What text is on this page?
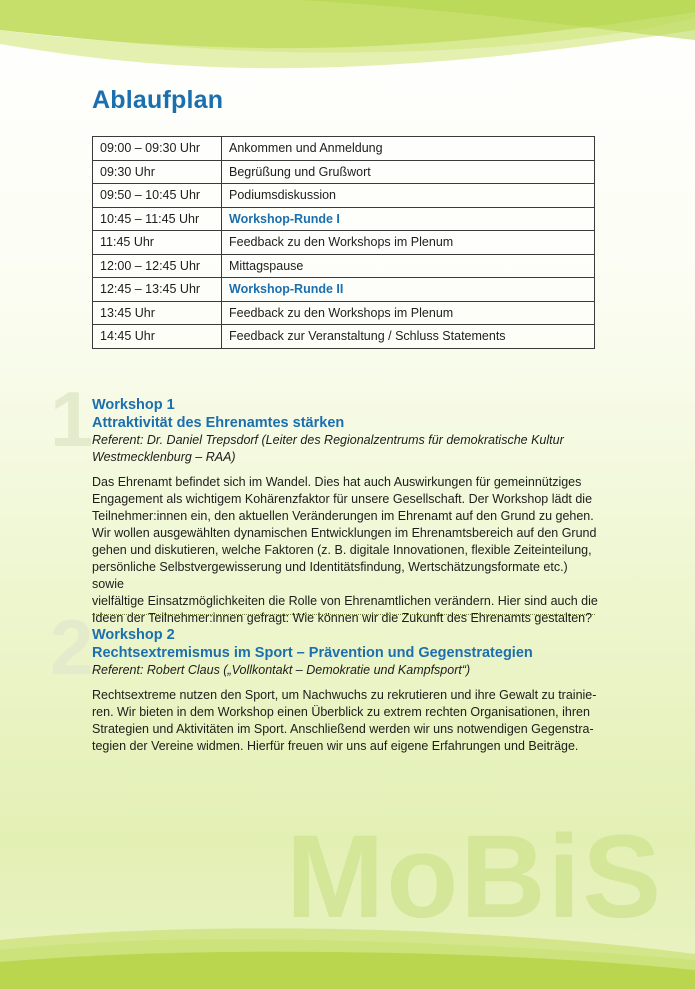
Ablaufplan
09:00 – 09:30 Uhr	Ankommen und Anmeldung
09:30 Uhr	Begrüßung und Grußwort
09:50 – 10:45 Uhr	Podiumsdiskussion
10:45 – 11:45 Uhr	Workshop-Runde I
11:45 Uhr	Feedback zu den Workshops im Plenum
12:00 – 12:45 Uhr	Mittagspause
12:45 – 13:45 Uhr	Workshop-Runde II
13:45 Uhr	Feedback zu den Workshops im Plenum
14:45 Uhr	Feedback zur Veranstaltung / Schluss Statements
1
Workshop 1
Attraktivität des Ehrenamtes stärken
Referent: Dr. Daniel Trepsdorf (Leiter des Regionalzentrums für demokratische Kultur
Westmecklenburg – RAA)
Das Ehrenamt befindet sich im Wandel. Dies hat auch Auswirkungen für gemeinnütziges
Engagement als wichtigem Kohärenzfaktor für unsere Gesellschaft. Der Workshop lädt die
Teilnehmer:innen ein, den aktuellen Veränderungen im Ehrenamt auf den Grund zu gehen.
Wir wollen ausgewählten dynamischen Entwicklungen im Ehrenamtsbereich auf den Grund
gehen und diskutieren, welche Faktoren (z. B. digitale Innovationen, flexible Zeiteinteilung,
persönliche Selbstvergewisserung und Identitätsfindung, Wertschätzungsformate etc.) sowie
vielfältige Einsatzmöglichkeiten die Rolle von Ehrenamtlichen verändern. Hier sind auch die
Ideen der Teilnehmer:innen gefragt: Wie können wir die Zukunft des Ehrenamts gestalten?
2
Workshop 2
Rechtsextremismus im Sport – Prävention und Gegenstrategien
Referent: Robert Claus („Vollkontakt – Demokratie und Kampfsport“)
Rechtsextreme nutzen den Sport, um Nachwuchs zu rekrutieren und ihre Gewalt zu trainie-
ren. Wir bieten in dem Workshop einen Überblick zu extrem rechten Organisationen, ihren
Strategien und Aktivitäten im Sport. Anschließend werden wir uns notwendigen Gegenstra-
tegien der Vereine widmen. Hierfür freuen wir uns auf eigene Erfahrungen und Beiträge.
MoBiS
